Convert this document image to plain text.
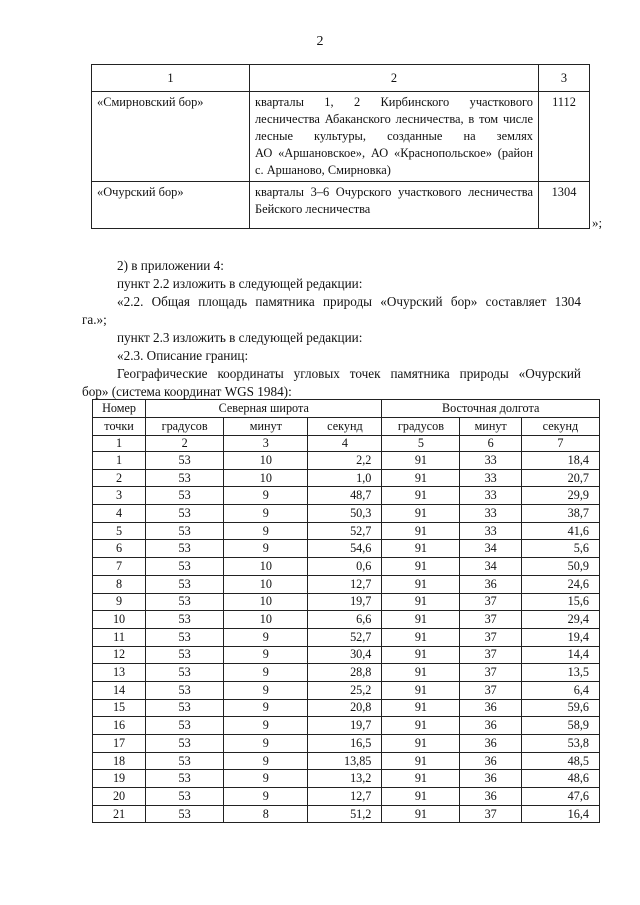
2
1	2	3
«Смирновский бор»	кварталы 1, 2 Кирбинского участкового
лесничества Абаканского лесничества, в том числе
лесные культуры, созданные на землях
АО «Аршановское», АО «Краснопольское» (район
с. Аршаново, Смирновка)	1112
«Очурский бор»	кварталы 3–6 Очурского участкового лесничества
Бейского лесничества	1304
»;
2) в приложении 4:
пункт 2.2 изложить в следующей редакции:
«2.2. Общая площадь памятника природы «Очурский бор» составляет 1304
га.»;
пункт 2.3 изложить в следующей редакции:
«2.3. Описание границ:
Географические координаты угловых точек памятника природы «Очурский
бор» (система координат WGS 1984):
Номер	Северная широта			Восточная долгота		
точки	градусов	минут	секунд	градусов	минут	секунд
1	2	3	4	5	6	7
1	53	10	2,2	91	33	18,4
2	53	10	1,0	91	33	20,7
3	53	9	48,7	91	33	29,9
4	53	9	50,3	91	33	38,7
5	53	9	52,7	91	33	41,6
6	53	9	54,6	91	34	5,6
7	53	10	0,6	91	34	50,9
8	53	10	12,7	91	36	24,6
9	53	10	19,7	91	37	15,6
10	53	10	6,6	91	37	29,4
11	53	9	52,7	91	37	19,4
12	53	9	30,4	91	37	14,4
13	53	9	28,8	91	37	13,5
14	53	9	25,2	91	37	6,4
15	53	9	20,8	91	36	59,6
16	53	9	19,7	91	36	58,9
17	53	9	16,5	91	36	53,8
18	53	9	13,85	91	36	48,5
19	53	9	13,2	91	36	48,6
20	53	9	12,7	91	36	47,6
21	53	8	51,2	91	37	16,4
